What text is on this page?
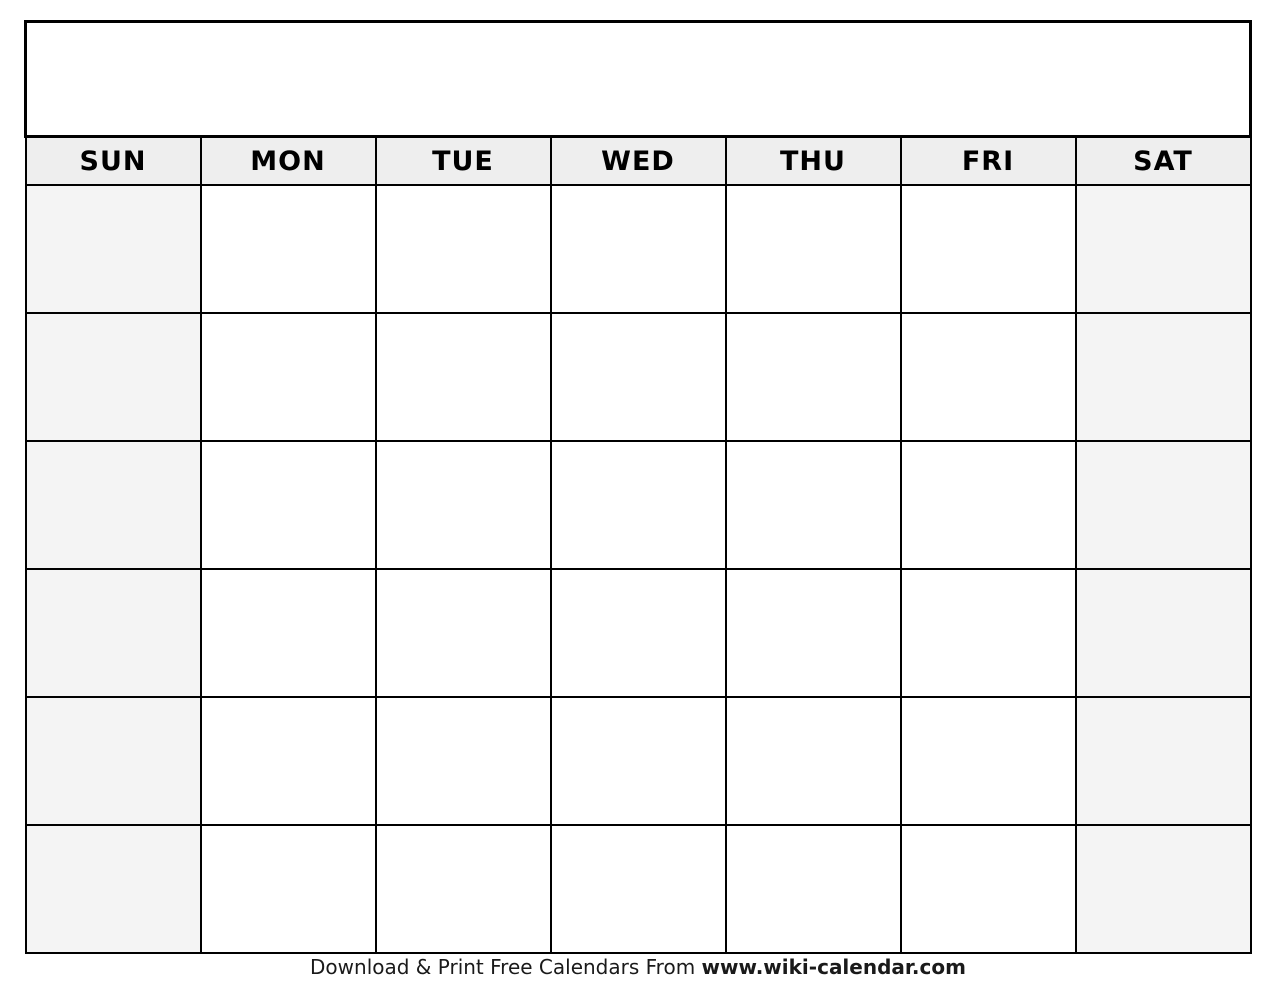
SUN	MON	TUE	WED	THU	FRI	SAT

Download & Print Free Calendars From www.wiki-calendar.com
